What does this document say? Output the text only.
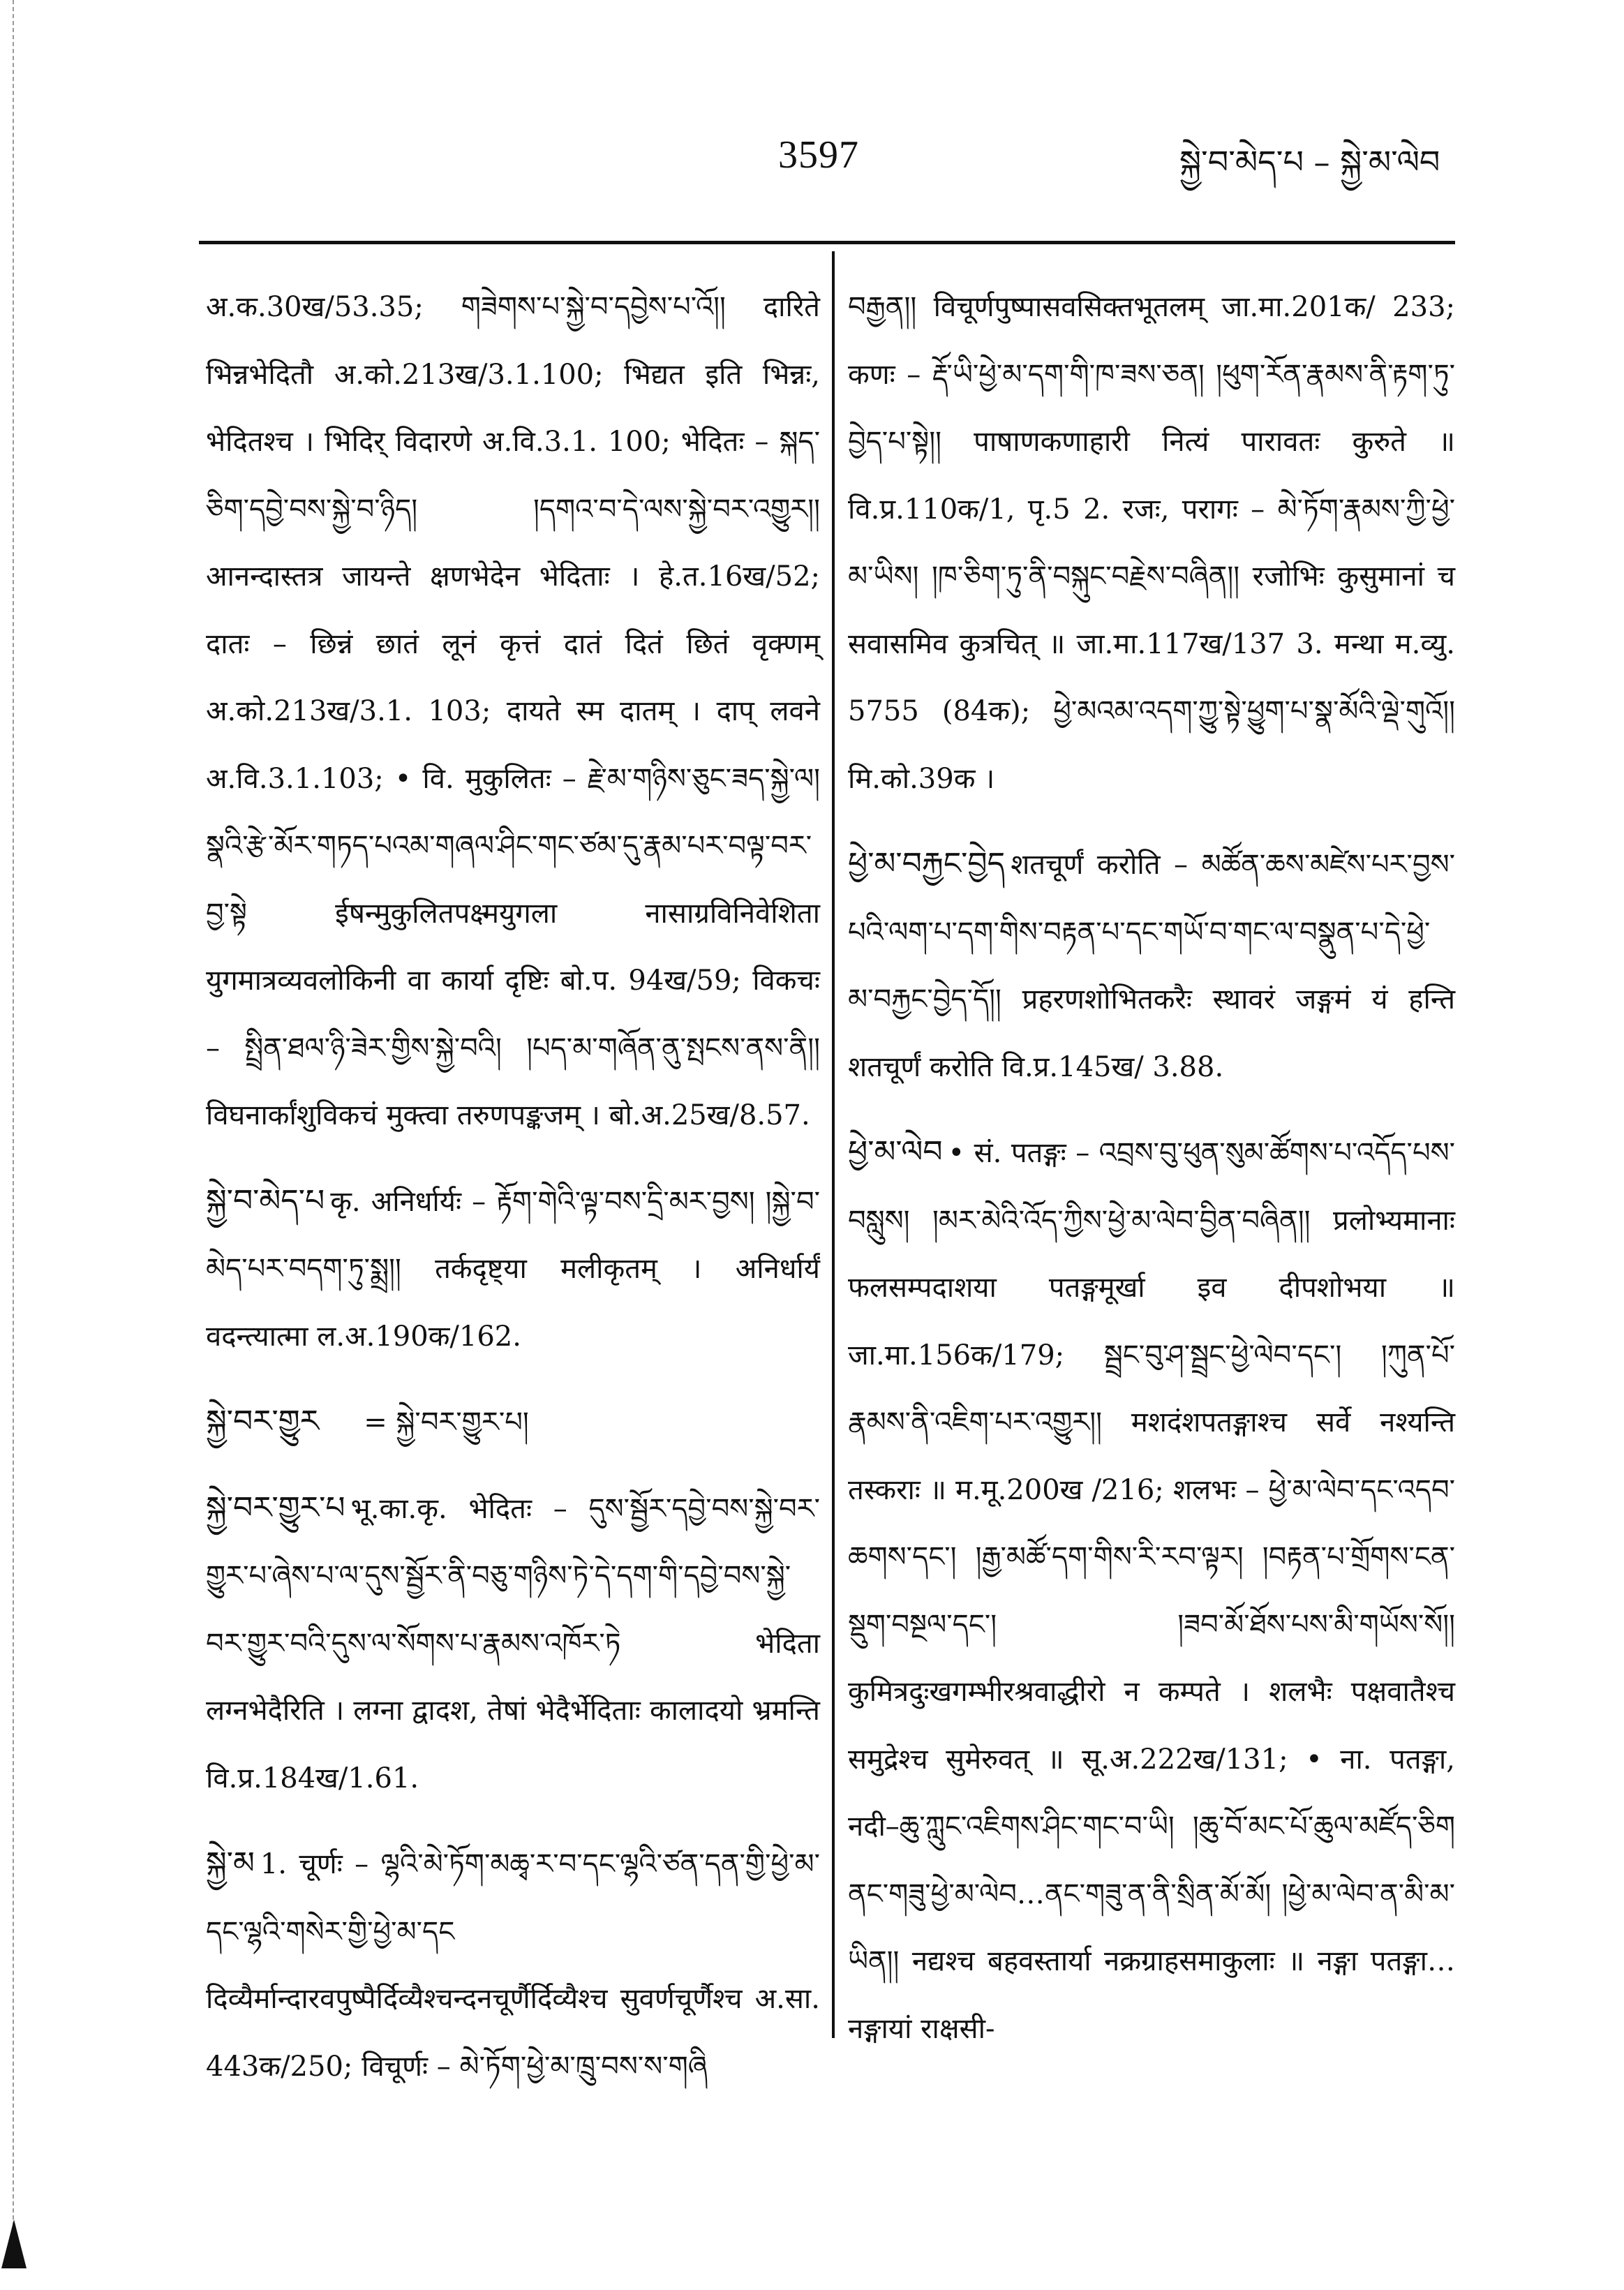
3597	སྐྱེ་བ་མེད་པ – སྐྱེ་མ་ལེབ

अ.क.30ख/53.35; གཟེགས་པ་སྐྱེ་བ་དབྱེས་པ་འོ།། दारिते भिन्नभेदितौ अ.को.213ख/3.1.100; भिद्यत इति भिन्नः, भेदितश्च । भिदिर् विदारणे अ.वि.3.1. 100; भेदितः – སྐད་ཅིག་དབྱེ་བས་སྐྱེ་བ་ཉིད། །དགའ་བ་དེ་ལས་སྐྱེ་བར་འགྱུར།། आनन्दास्तत्र जायन्ते क्षणभेदेन भेदिताः । हे.त.16ख/52; दातः – छिन्नं छातं लूनं कृत्तं दातं दितं छितं वृक्णम् अ.को.213ख/3.1. 103; दायते स्म दातम् । दाप् लवने अ.वि.3.1.103; • वि. मुकुलितः – རྗེ་མ་གཉིས་ཅུང་ཟད་སྐྱེ་ལ། སྣའི་རྩེ་མོར་གཏད་པའམ་གཞལ་ཤིང་གང་ཙམ་དུ་རྣམ་པར་བལྟ་བར་བྱ་སྟེ ईषन्मुकुलितपक्ष्मयुगला नासाग्रविनिवेशिता युगमात्रव्यवलोकिनी वा कार्या दृष्टिः बो.प. 94ख/59; विकचः – སྤྲིན་ཐལ་ཉི་ཟེར་གྱིས་སྐྱེ་བའི། །པད་མ་གཞོན་ནུ་སྤངས་ནས་ནི།། विघनार्कांशुविकचं मुक्त्वा तरुणपङ्कजम् । बो.अ.25ख/8.57.

སྐྱེ་བ་མེད་པ कृ. अनिर्धार्यः – རྟོག་གེའི་ལྟ་བས་དྲི་མར་བྱས། །སྐྱེ་བ་མེད་པར་བདག་ཏུ་སྨྲ།། तर्कदृष्ट्या मलीकृतम् । अनिर्धार्यं वदन्त्यात्मा ल.अ.190क/162.

སྐྱེ་བར་གྱུར = སྐྱེ་བར་གྱུར་པ།

སྐྱེ་བར་གྱུར་པ भू.का.कृ. भेदितः – དུས་སྦྱོར་དབྱེ་བས་སྐྱེ་བར་གྱུར་པ་ཞེས་པ་ལ་དུས་སྦྱོར་ནི་བཅུ་གཉིས་ཏེ་དེ་དག་གི་དབྱེ་བས་སྐྱེ་བར་གྱུར་བའི་དུས་ལ་སོགས་པ་རྣམས་འཁོར་ཏེ भेदिता लग्नभेदैरिति । लग्ना द्वादश, तेषां भेदैर्भेदिताः कालादयो भ्रमन्ति वि.प्र.184ख/1.61.

སྐྱེ་མ 1. चूर्णः – ལྷའི་མེ་ཏོག་མཆྭ་ར་བ་དང་ལྷའི་ཙན་དན་གྱི་ཕྱེ་མ་དང་ལྷའི་གསེར་གྱི་ཕྱེ་མ་དང दिव्यैर्मान्दारवपुष्पैर्दिव्यैश्चन्दनचूर्णैर्दिव्यैश्च सुवर्णचूर्णैश्च अ.सा. 443क/250; विचूर्णः – མེ་ཏོག་ཕྱེ་མ་ཁྲུ་བས་ས་གཞི

བརྒྱན།། विचूर्णपुष्पासवसिक्तभूतलम् जा.मा.201क/ 233; कणः – རྡོ་ཡི་ཕྱེ་མ་དག་གི་ཁ་ཟས་ཅན། །ཕུག་རོན་རྣམས་ནི་རྟག་ཏུ་བྱེད་པ་སྟེ།། पाषाणकणाहारी नित्यं पारावतः कुरुते ॥ वि.प्र.110क/1, पृ.5 2. रजः, परागः – མེ་ཏོག་རྣམས་ཀྱི་ཕྱེ་མ་ཡིས། །ཁ་ཅིག་ཏུ་ནི་བསྐུང་བརྗེས་བཞིན།། रजोभिः कुसुमानां च सवासमिव कुत्रचित् ॥ जा.मा.117ख/137 3. मन्था म.व्यु. 5755 (84क); ཕྱེ་མའམ་འདག་ཀྱུ་སྟེ་ཕྱུག་པ་སྣ་མོའི་ལྡེ་གུའོ།། मि.को.39क ।

ཕྱེ་མ་བརྐྱང་བྱེད शतचूर्णं करोति – མཚོན་ཆས་མཛེས་པར་བྱས་པའི་ལག་པ་དག་གིས་བརྟན་པ་དང་གཡོ་བ་གང་ལ་བསྣུན་པ་དེ་ཕྱེ་མ་བརྐྱང་བྱེད་དོ།། प्रहरणशोभितकरैः स्थावरं जङ्गमं यं हन्ति शतचूर्णं करोति वि.प्र.145ख/ 3.88.

ཕྱེ་མ་ལེབ • सं. पतङ्गः – འབྲས་བུ་ཕུན་སུམ་ཚོགས་པ་འདོད་པས་བསླུས། །མར་མེའི་འོད་ཀྱིས་ཕྱེ་མ་ལེབ་བྱིན་བཞིན།། प्रलोभ्यमानाः फलसम्पदाशया पतङ्गमूर्खा इव दीपशोभया ॥ जा.मा.156क/179; སྦྲང་བུ་ཤ་སྦྲང་ཕྱེ་ལེབ་དང་། །ཀུན་པོ་རྣམས་ནི་འཇིག་པར་འགྱུར།། मशदंशपतङ्गाश्च सर्वे नश्यन्ति तस्कराः ॥ म.मू.200ख /216; शलभः – ཕྱེ་མ་ལེབ་དང་འདབ་ཆགས་དང་། །རྒྱ་མཚོ་དག་གིས་རི་རབ་ལྟར། །བརྟན་པ་གྲོགས་ངན་སྡུག་བསྔལ་དང་། །ཟབ་མོ་ཐོས་པས་མི་གཡོས་སོ།། कुमित्रदुःखगम्भीरश्रवाद्धीरो न कम्पते । शलभैः पक्षवातैश्च समुद्रेश्च सुमेरुवत् ॥ सू.अ.222ख/131; • ना. पतङ्गा, नदी–ཆུ་ཀླུང་འཇིགས་ཤིང་གང་བ་ཡི། །ཆུ་བོ་མང་པོ་ཆུལ་མཛོད་ཅིག ནང་གཟུ་ཕྱེ་མ་ལེབ…ནང་གཟུ་ན་ནི་སྲིན་མོ་མོ། །ཕྱེ་མ་ལེབ་ན་མི་མ་ཡིན།། नद्यश्च बहवस्तार्या नक्रग्राहसमाकुलाः ॥ नङ्गा पतङ्गा… नङ्गायां राक्षसी-
